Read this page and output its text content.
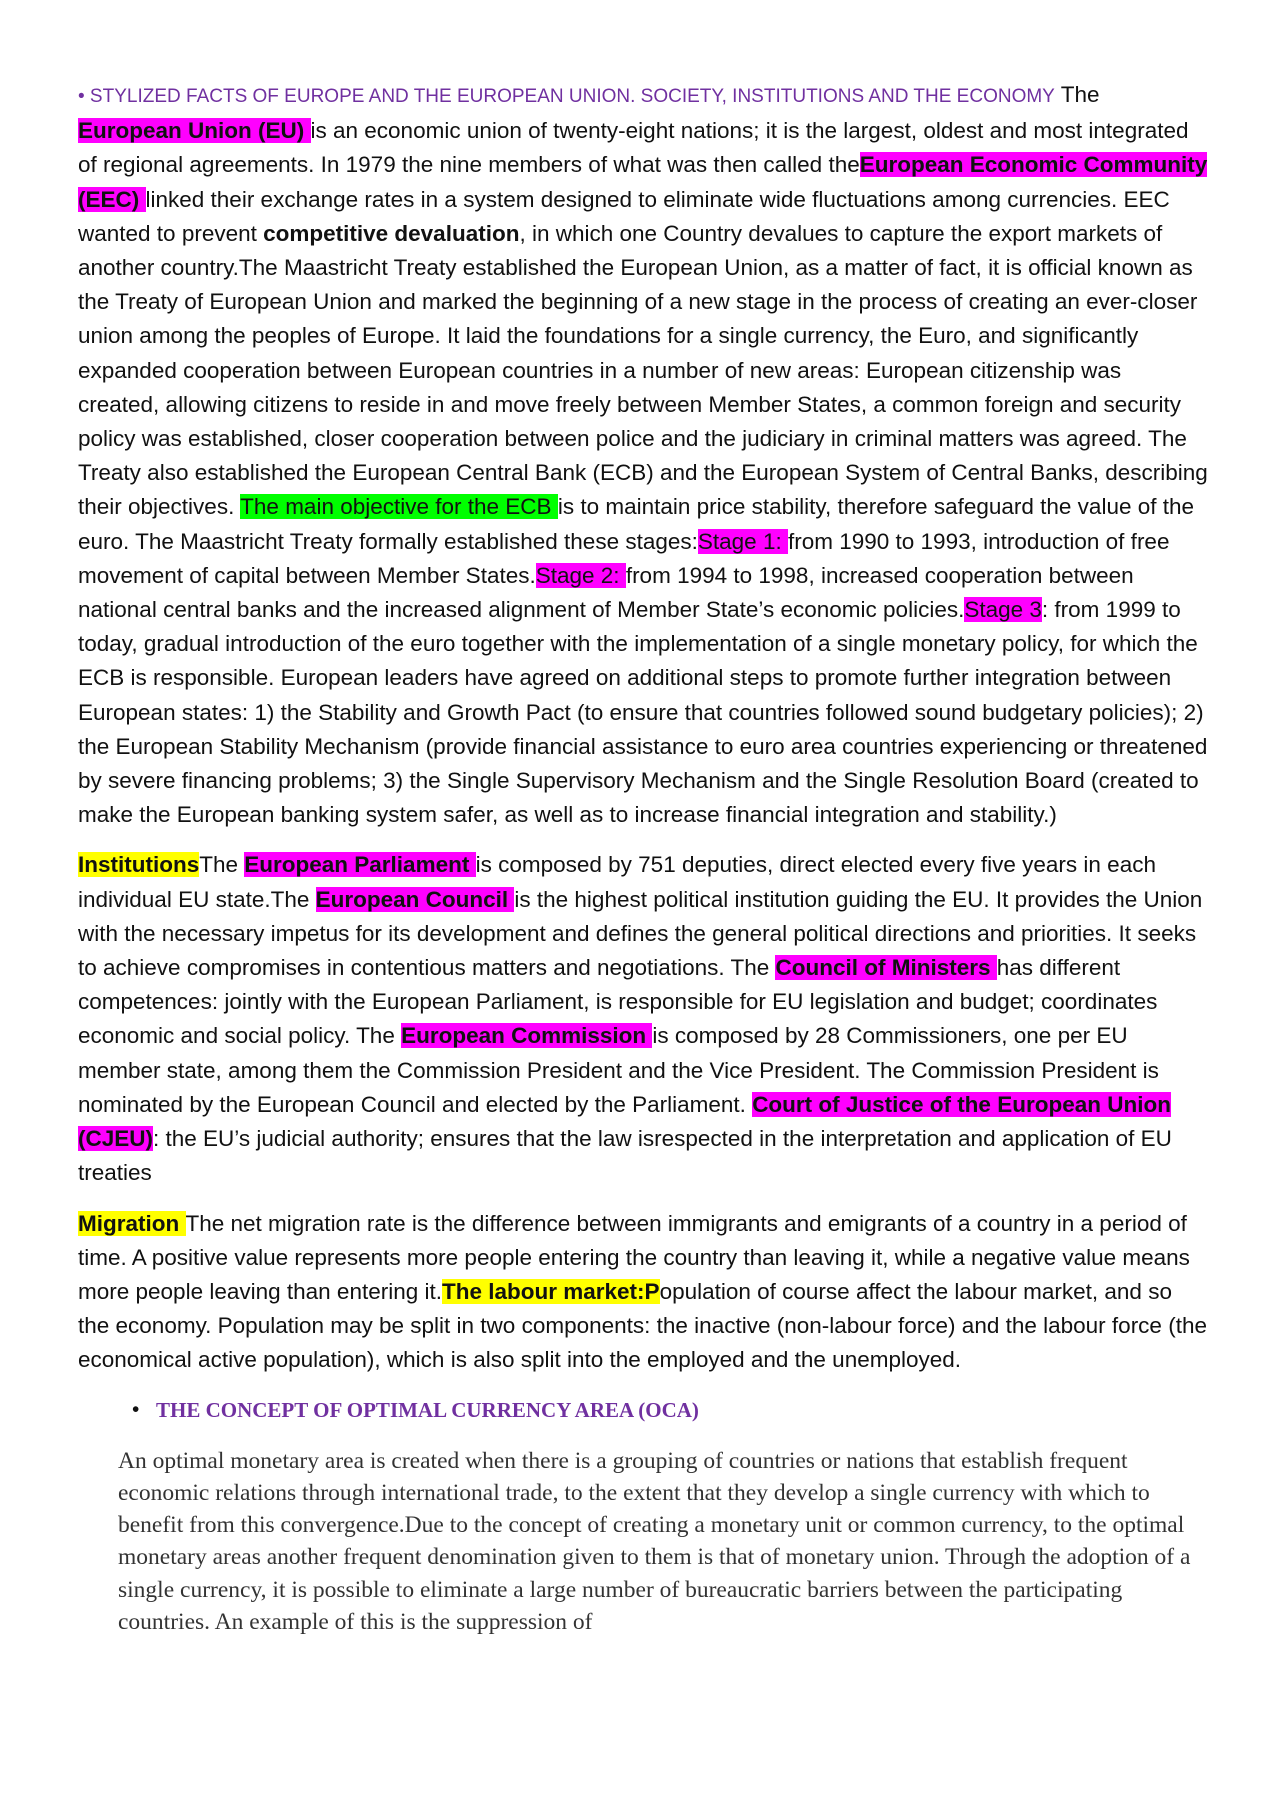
• STYLIZED FACTS OF EUROPE AND THE EUROPEAN UNION. SOCIETY, INSTITUTIONS AND THE ECONOMY The European Union (EU) is an economic union of twenty-eight nations; it is the largest, oldest and most integrated of regional agreements. In 1979 the nine members of what was then called theEuropean Economic Community (EEC) linked their exchange rates in a system designed to eliminate wide fluctuations among currencies. EEC wanted to prevent competitive devaluation, in which one Country devalues to capture the export markets of another country.The Maastricht Treaty established the European Union, as a matter of fact, it is official known as the Treaty of European Union and marked the beginning of a new stage in the process of creating an ever-closer union among the peoples of Europe. It laid the foundations for a single currency, the Euro, and significantly expanded cooperation between European countries in a number of new areas: European citizenship was created, allowing citizens to reside in and move freely between Member States, a common foreign and security policy was established, closer cooperation between police and the judiciary in criminal matters was agreed. The Treaty also established the European Central Bank (ECB) and the European System of Central Banks, describing their objectives. The main objective for the ECB is to maintain price stability, therefore safeguard the value of the euro. The Maastricht Treaty formally established these stages:Stage 1: from 1990 to 1993, introduction of free movement of capital between Member States.Stage 2: from 1994 to 1998, increased cooperation between national central banks and the increased alignment of Member State’s economic policies.Stage 3: from 1999 to today, gradual introduction of the euro together with the implementation of a single monetary policy, for which the ECB is responsible. European leaders have agreed on additional steps to promote further integration between European states: 1) the Stability and Growth Pact (to ensure that countries followed sound budgetary policies); 2) the European Stability Mechanism (provide financial assistance to euro area countries experiencing or threatened by severe financing problems; 3) the Single Supervisory Mechanism and the Single Resolution Board (created to make the European banking system safer, as well as to increase financial integration and stability.)

InstitutionsThe European Parliament is composed by 751 deputies, direct elected every five years in each individual EU state.The European Council is the highest political institution guiding the EU. It provides the Union with the necessary impetus for its development and defines the general political directions and priorities. It seeks to achieve compromises in contentious matters and negotiations. The Council of Ministers has different competences: jointly with the European Parliament, is responsible for EU legislation and budget; coordinates economic and social policy. The European Commission is composed by 28 Commissioners, one per EU member state, among them the Commission President and the Vice President. The Commission President is nominated by the European Council and elected by the Parliament. Court of Justice of the European Union (CJEU): the EU’s judicial authority; ensures that the law isrespected in the interpretation and application of EU treaties

Migration The net migration rate is the difference between immigrants and emigrants of a country in a period of time. A positive value represents more people entering the country than leaving it, while a negative value means more people leaving than entering it.The labour market:Population of course affect the labour market, and so the economy. Population may be split in two components: the inactive (non-labour force) and the labour force (the economical active population), which is also split into the employed and the unemployed.

• THE CONCEPT OF OPTIMAL CURRENCY AREA (OCA)

An optimal monetary area is created when there is a grouping of countries or nations that establish frequent economic relations through international trade, to the extent that they develop a single currency with which to benefit from this convergence.Due to the concept of creating a monetary unit or common currency, to the optimal monetary areas another frequent denomination given to them is that of monetary union. Through the adoption of a single currency, it is possible to eliminate a large number of bureaucratic barriers between the participating countries. An example of this is the suppression of
